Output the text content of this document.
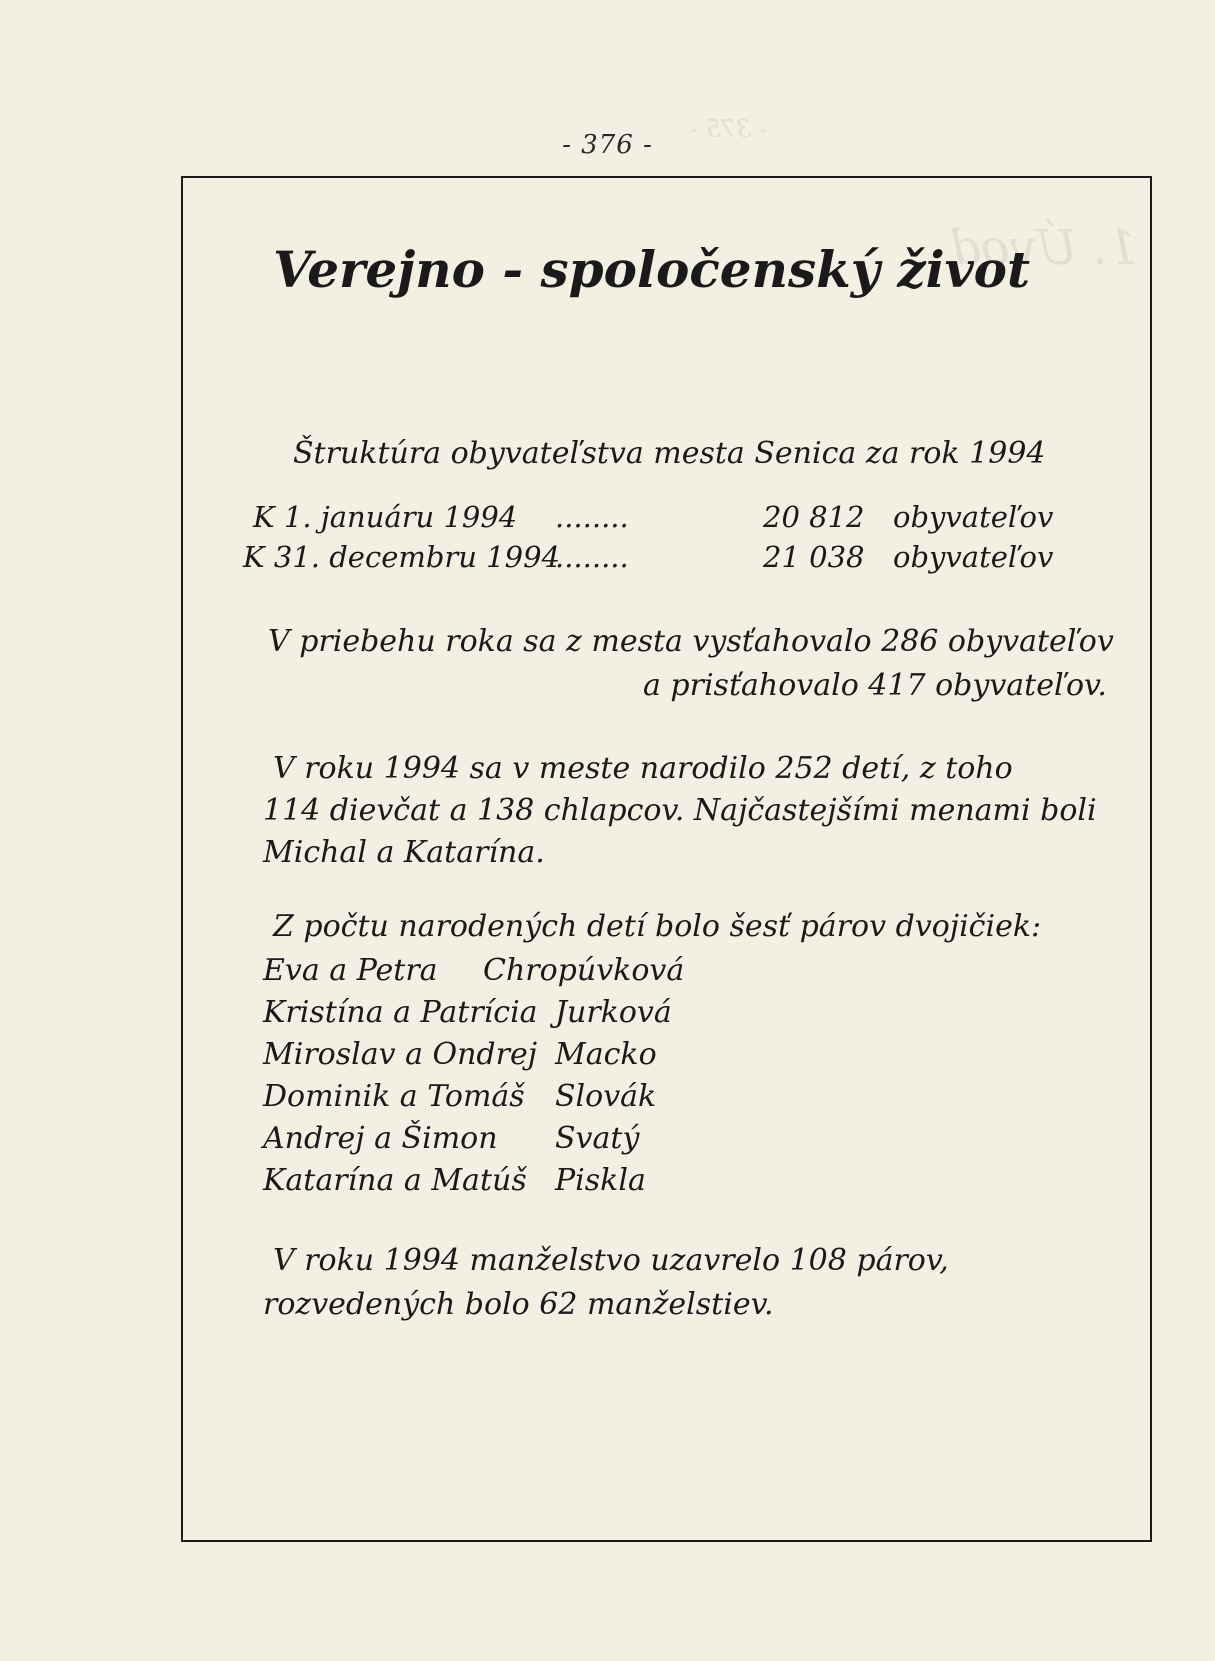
- 375 -
1. Úvod
- 376 -
Verejno - spoločenský život
Štruktúra obyvateľstva mesta Senica za rok 1994
K 1. januáru 1994 ........	20 812 obyvateľov
K 31. decembru 1994
........	21 038 obyvateľov
V priebehu roka sa z mesta vysťahovalo 286 obyvateľov
a prisťahovalo 417 obyvateľov.
V roku 1994 sa v meste narodilo 252 detí, z toho
114 dievčat a 138 chlapcov. Najčastejšími menami boli
Michal a Katarína.
Z počtu narodených detí bolo šesť párov dvojičiek:
Eva a Petra Chropúvková
Kristína a Patrícia Jurková
Miroslav a Ondrej Macko
Dominik a Tomáš Slovák
Andrej a Šimon Svatý
Katarína a Matúš Piskla
V roku 1994 manželstvo uzavrelo 108 párov,
rozvedených bolo 62 manželstiev.
